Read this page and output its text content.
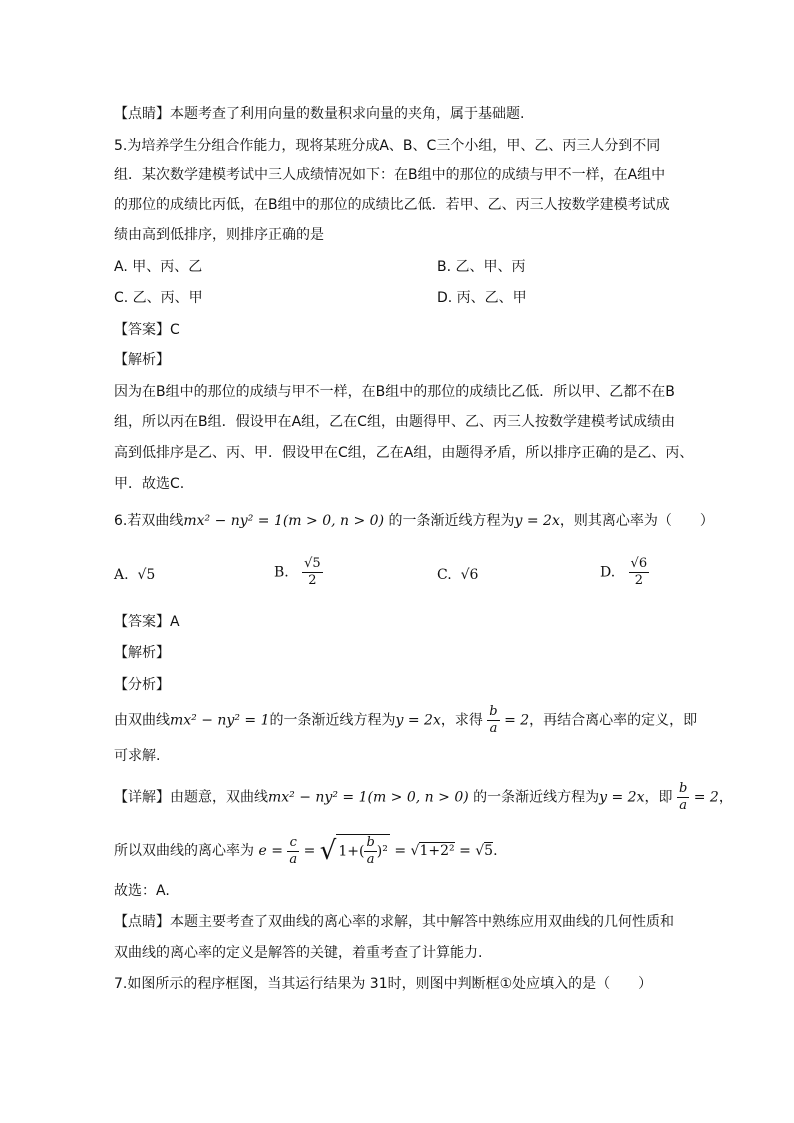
【点睛】本题考查了利用向量的数量积求向量的夹角，属于基础题.
5.为培养学生分组合作能力，现将某班分成A、B、C三个小组，甲、乙、丙三人分到不同
组．某次数学建模考试中三人成绩情况如下：在B组中的那位的成绩与甲不一样，在A组中
的那位的成绩比丙低，在B组中的那位的成绩比乙低．若甲、乙、丙三人按数学建模考试成
绩由高到低排序，则排序正确的是
A. 甲、丙、乙	B. 乙、甲、丙
C. 乙、丙、甲	D. 丙、乙、甲
【答案】C
【解析】
因为在B组中的那位的成绩与甲不一样，在B组中的那位的成绩比乙低．所以甲、乙都不在B
组，所以丙在B组．假设甲在A组，乙在C组，由题得甲、乙、丙三人按数学建模考试成绩由
高到低排序是乙、丙、甲．假设甲在C组，乙在A组，由题得矛盾，所以排序正确的是乙、丙、
甲．故选C.
6.若双曲线mx² − ny² = 1(m > 0, n > 0) 的一条渐近线方程为y = 2x，则其离心率为（　　）
A. √5	B. $\frac{√5}{2}$	C. √6	D. $\frac{√6}{2}$
【答案】A
【解析】
【分析】
由双曲线mx² − ny² = 1的一条渐近线方程为y = 2x，求得 $\frac{b}{a} = 2$，再结合离心率的定义，即
可求解.
【详解】由题意，双曲线mx² − ny² = 1(m > 0, n > 0) 的一条渐近线方程为y = 2x，即 $\frac{b}{a} = 2$，
所以双曲线的离心率为 $e = \frac{c}{a}$ = √ $1+( \frac{b}{a} )^2 = √1+2^2 = √5$.
故选：A.
【点睛】本题主要考查了双曲线的离心率的求解，其中解答中熟练应用双曲线的几何性质和
双曲线的离心率的定义是解答的关键，着重考查了计算能力.
7.如图所示的程序框图，当其运行结果为 31时，则图中判断框①处应填入的是（　　）
